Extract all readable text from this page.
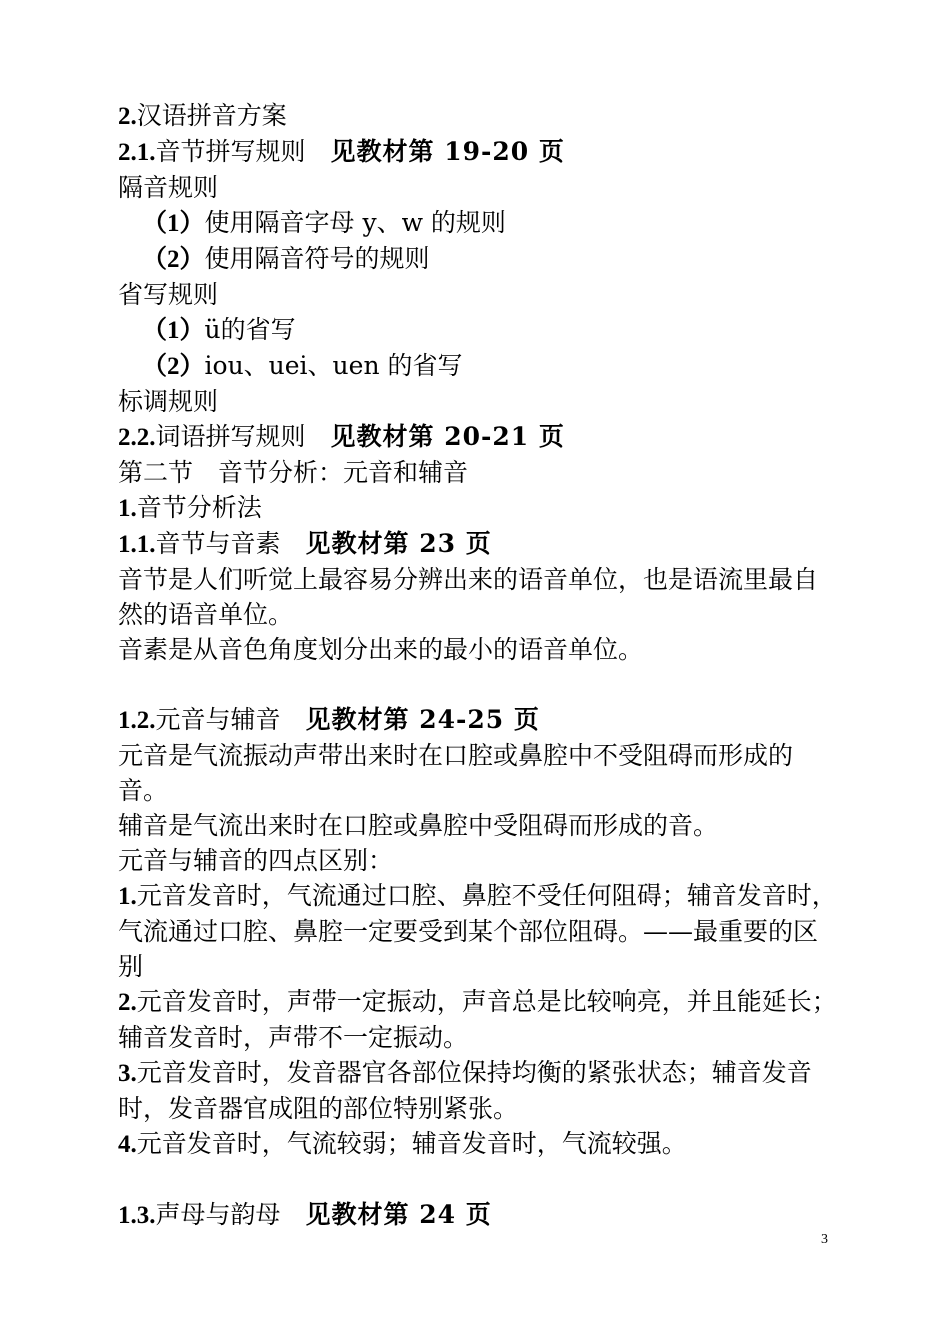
2.汉语拼音方案
2.1.音节拼写规则　 见教材第 19-20 页
隔音规则
（1）使用隔音字母 y、w 的规则
（2）使用隔音符号的规则
省写规则
（1）ü的省写
（2）iou、uei、uen 的省写
标调规则
2.2.词语拼写规则　 见教材第 20-21 页
第二节　音节分析：元音和辅音
1.音节分析法
1.1.音节与音素　 见教材第 23 页
音节是人们听觉上最容易分辨出来的语音单位，也是语流里最自
然的语音单位。
音素是从音色角度划分出来的最小的语音单位。
1.2.元音与辅音　 见教材第 24-25 页
元音是气流振动声带出来时在口腔或鼻腔中不受阻碍而形成的
音。
辅音是气流出来时在口腔或鼻腔中受阻碍而形成的音。
元音与辅音的四点区别：
1.元音发音时，气流通过口腔、鼻腔不受任何阻碍；辅音发音时，
气流通过口腔、鼻腔一定要受到某个部位阻碍。——最重要的区
别
2.元音发音时，声带一定振动，声音总是比较响亮，并且能延长；
辅音发音时，声带不一定振动。
3.元音发音时，发音器官各部位保持均衡的紧张状态；辅音发音
时，发音器官成阻的部位特别紧张。
4.元音发音时，气流较弱；辅音发音时，气流较强。
1.3.声母与韵母　 见教材第 24 页
3
